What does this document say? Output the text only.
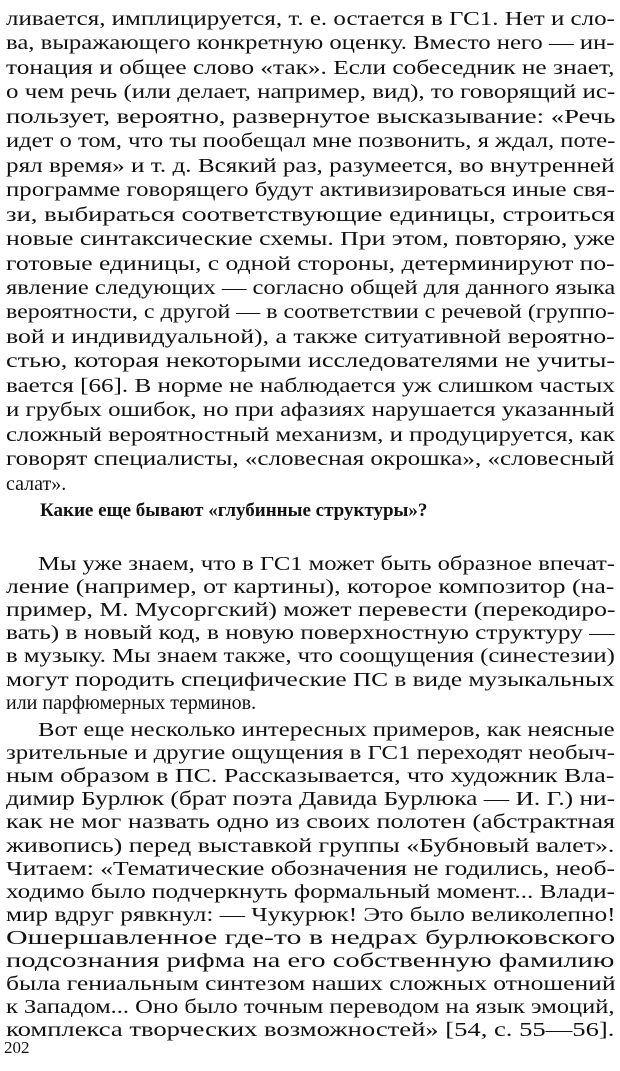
ливается, имплицируется, т. е. остается в ГС1. Нет и сло-

ва, выражающего конкретную оценку. Вместо него — ин-

тонация и общее слово «так». Если собеседник не знает,

о чем речь (или делает, например, вид), то говорящий ис-

пользует, вероятно, развернутое высказывание: «Речь

идет о том, что ты пообещал мне позвонить, я ждал, поте-

рял время» и т. д. Всякий раз, разумеется, во внутренней

программе говорящего будут активизироваться иные свя-

зи, выбираться соответствующие единицы, строиться

новые синтаксические схемы. При этом, повторяю, уже

готовые единицы, с одной стороны, детерминируют по-

явление следующих — согласно общей для данного языка

вероятности, с другой — в соответствии с речевой (группо-

вой и индивидуальной), а также ситуативной вероятно-

стью, которая некоторыми исследователями не учиты-

вается [66]. В норме не наблюдается уж слишком частых

и грубых ошибок, но при афазиях нарушается указанный

сложный вероятностный механизм, и продуцируется, как

говорят специалисты, «словесная окрошка», «словесный

салат».

Какие еще бывают «глубинные структуры»?

Мы уже знаем, что в ГС1 может быть образное впечат-

ление (например, от картины), которое композитор (на-

пример, М. Мусоргский) может перевести (перекодиро-

вать) в новый код, в новую поверхностную структуру —

в музыку. Мы знаем также, что соощущения (синестезии)

могут породить специфические ПС в виде музыкальных

или парфюмерных терминов.

Вот еще несколько интересных примеров, как неясные

зрительные и другие ощущения в ГС1 переходят необыч-

ным образом в ПС. Рассказывается, что художник Вла-

димир Бурлюк (брат поэта Давида Бурлюка — И. Г.) ни-

как не мог назвать одно из своих полотен (абстрактная

живопись) перед выставкой группы «Бубновый валет».

Читаем: «Тематические обозначения не годились, необ-

ходимо было подчеркнуть формальный момент... Влади-

мир вдруг рявкнул: — Чукурюк! Это было великолепно!

Ошершавленное где-то в недрах бурлюковского

подсознания рифма на его собственную фамилию

была гениальным синтезом наших сложных отношений

к Западом... Оно было точным переводом на язык эмоций,

комплекса творческих возможностей» [54, с. 55—56].

202
